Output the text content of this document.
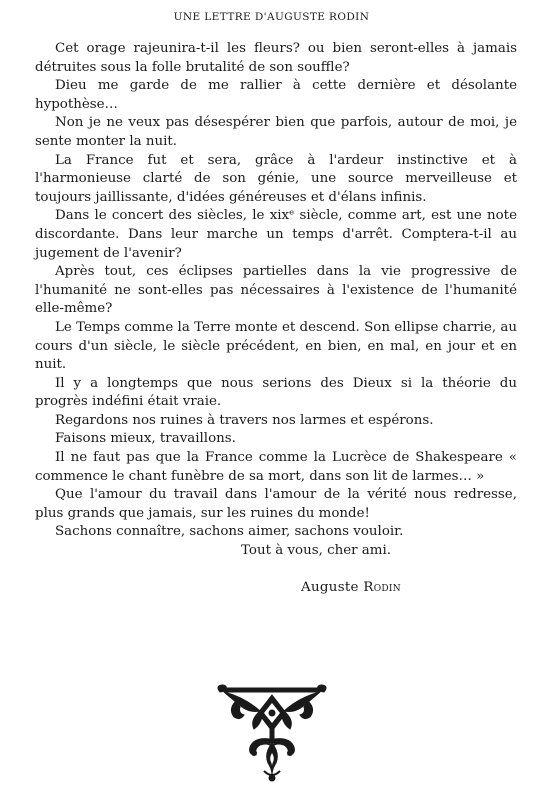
UNE LETTRE D'AUGUSTE RODIN

Cet orage rajeunira-t-il les fleurs? ou bien seront-elles à jamais détruites sous la folle brutalité de son souffle?

Dieu me garde de me rallier à cette dernière et désolante hypothèse…

Non je ne veux pas désespérer bien que parfois, autour de moi, je sente monter la nuit.

La France fut et sera, grâce à l'ardeur instinctive et à l'harmonieuse clarté de son génie, une source merveilleuse et toujours jaillissante, d'idées généreuses et d'élans infinis.

Dans le concert des siècles, le xixᵉ siècle, comme art, est une note discordante. Dans leur marche un temps d'arrêt. Comptera-t-il au jugement de l'avenir?

Après tout, ces éclipses partielles dans la vie progressive de l'humanité ne sont-elles pas nécessaires à l'existence de l'humanité elle-même?

Le Temps comme la Terre monte et descend. Son ellipse charrie, au cours d'un siècle, le siècle précédent, en bien, en mal, en jour et en nuit.

Il y a longtemps que nous serions des Dieux si la théorie du progrès indéfini était vraie.

Regardons nos ruines à travers nos larmes et espérons.

Faisons mieux, travaillons.

Il ne faut pas que la France comme la Lucrèce de Shakespeare « commence le chant funèbre de sa mort, dans son lit de larmes… »

Que l'amour du travail dans l'amour de la vérité nous redresse, plus grands que jamais, sur les ruines du monde!

Sachons connaître, sachons aimer, sachons vouloir.

Tout à vous, cher ami.

Auguste Rodin
